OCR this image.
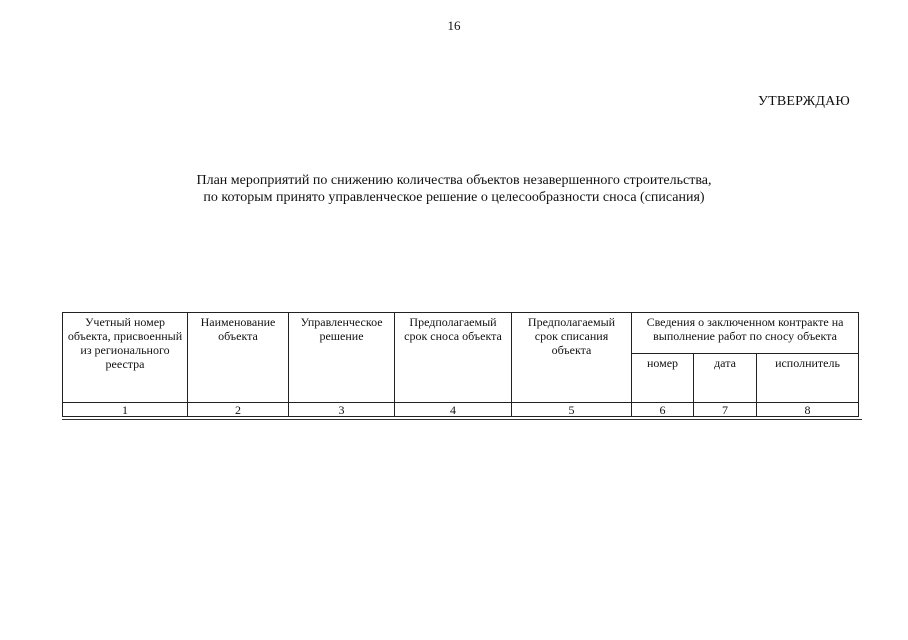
16
УТВЕРЖДАЮ
План мероприятий по снижению количества объектов незавершенного строительства,
по которым принято управленческое решение о целесообразности сноса (списания)
Учетный номер объекта, присвоенный из регионального реестра	Наименование объекта	Управленческое решение	Предполагаемый срок сноса объекта	Предполагаемый срок списания объекта	Сведения о заключенном контракте на выполнение работ по сносу объекта		
					номер	дата	исполнитель
1	2	3	4	5	6	7	8
